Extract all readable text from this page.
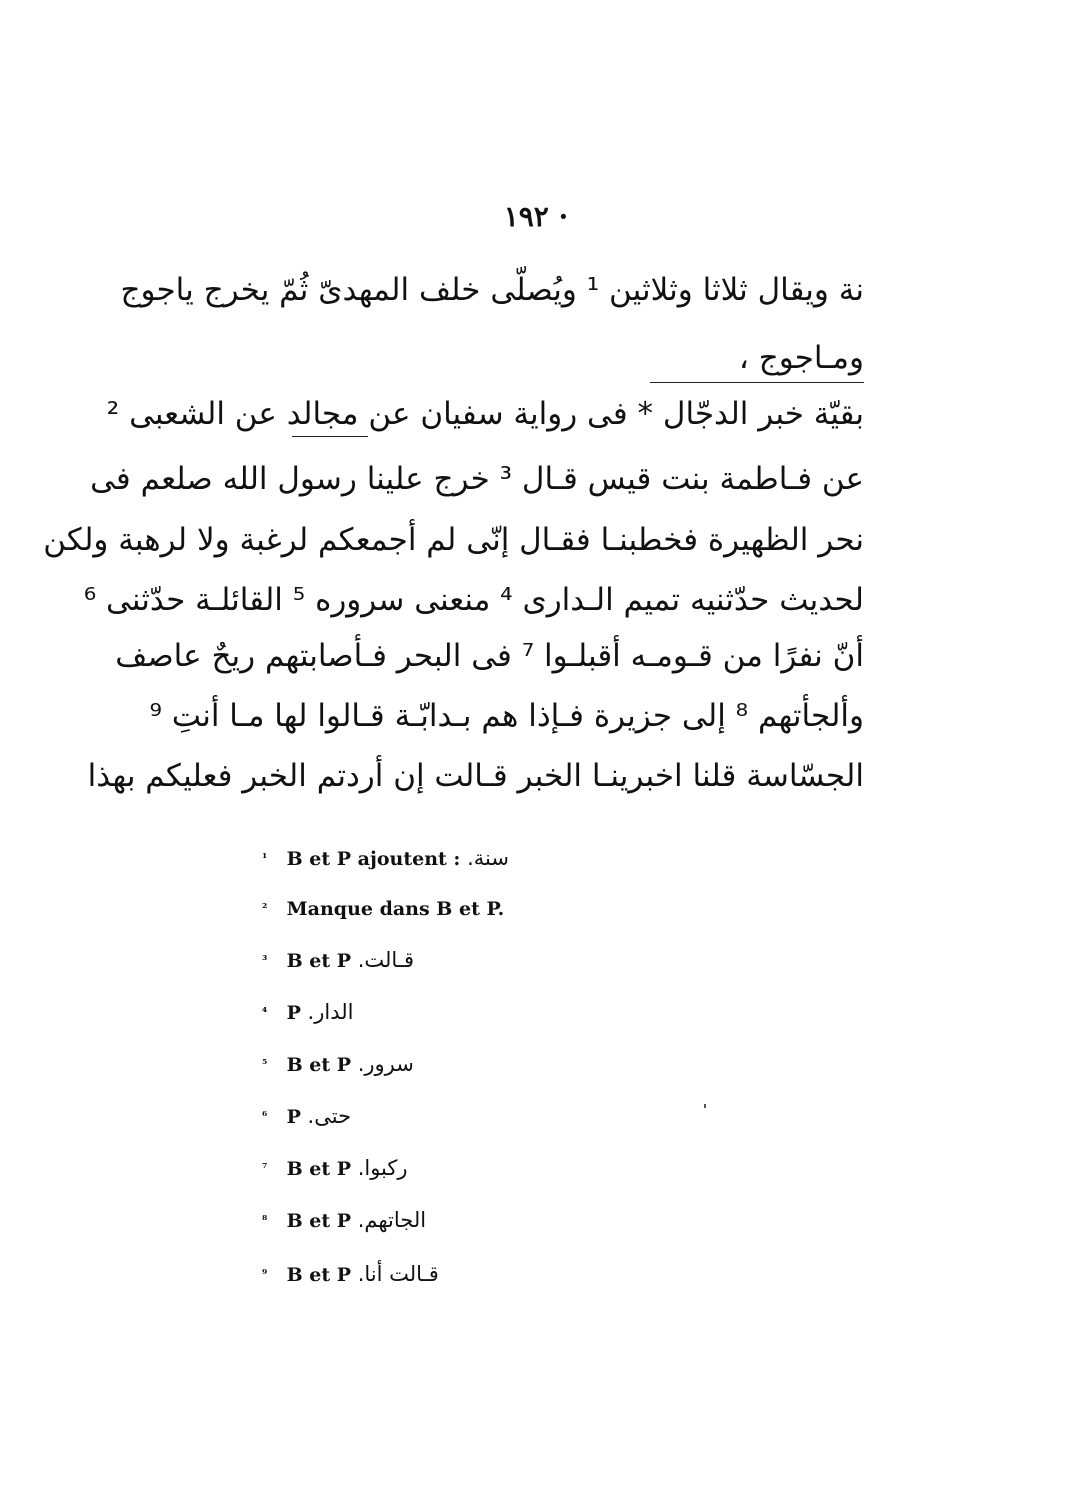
· ۱۹۲
نة ويقال ثلاثا وثلاثين ¹ ويُصلّى خلف المهدىّ ثُمّ يخرج ياجوج
ومـاجوج ،
بقيّة خبر الدجّال * فى رواية سفيان عن مجالد عن الشعبى ²
عن فـاطمة بنت قيس قـال ³ خرج علينا رسول الله صلعم فى
نحر الظهيرة فخطبنـا فقـال إنّى لم أجمعكم لرغبة ولا لرهبة ولكن
لحديث حدّثنيه تميم الـدارى ⁴ منعنى سروره ⁵ القائلـة حدّثنى ⁶
أنّ نفرًا من قـومـه أقبلـوا ⁷ فى البحر فـأصابتهم ريحٌ عاصف
وألجأتهم ⁸ إلى جزيرة فـإذا هم بـدابّـة قـالوا لها مـا أنتِ ⁹
الجسّاسة قلنا اخبرينـا الخبر قـالت إن أردتم الخبر فعليكم بهذا
¹ B et P ajoutent : سنة.
² Manque dans B et P.
³ B et P قـالت.
⁴ P الدار.
⁵ B et P سرور.
⁶ P حتى.
⁷ B et P ركبوا.
⁸ B et P الجاتهم.
⁹ B et P قـالت أنا.
